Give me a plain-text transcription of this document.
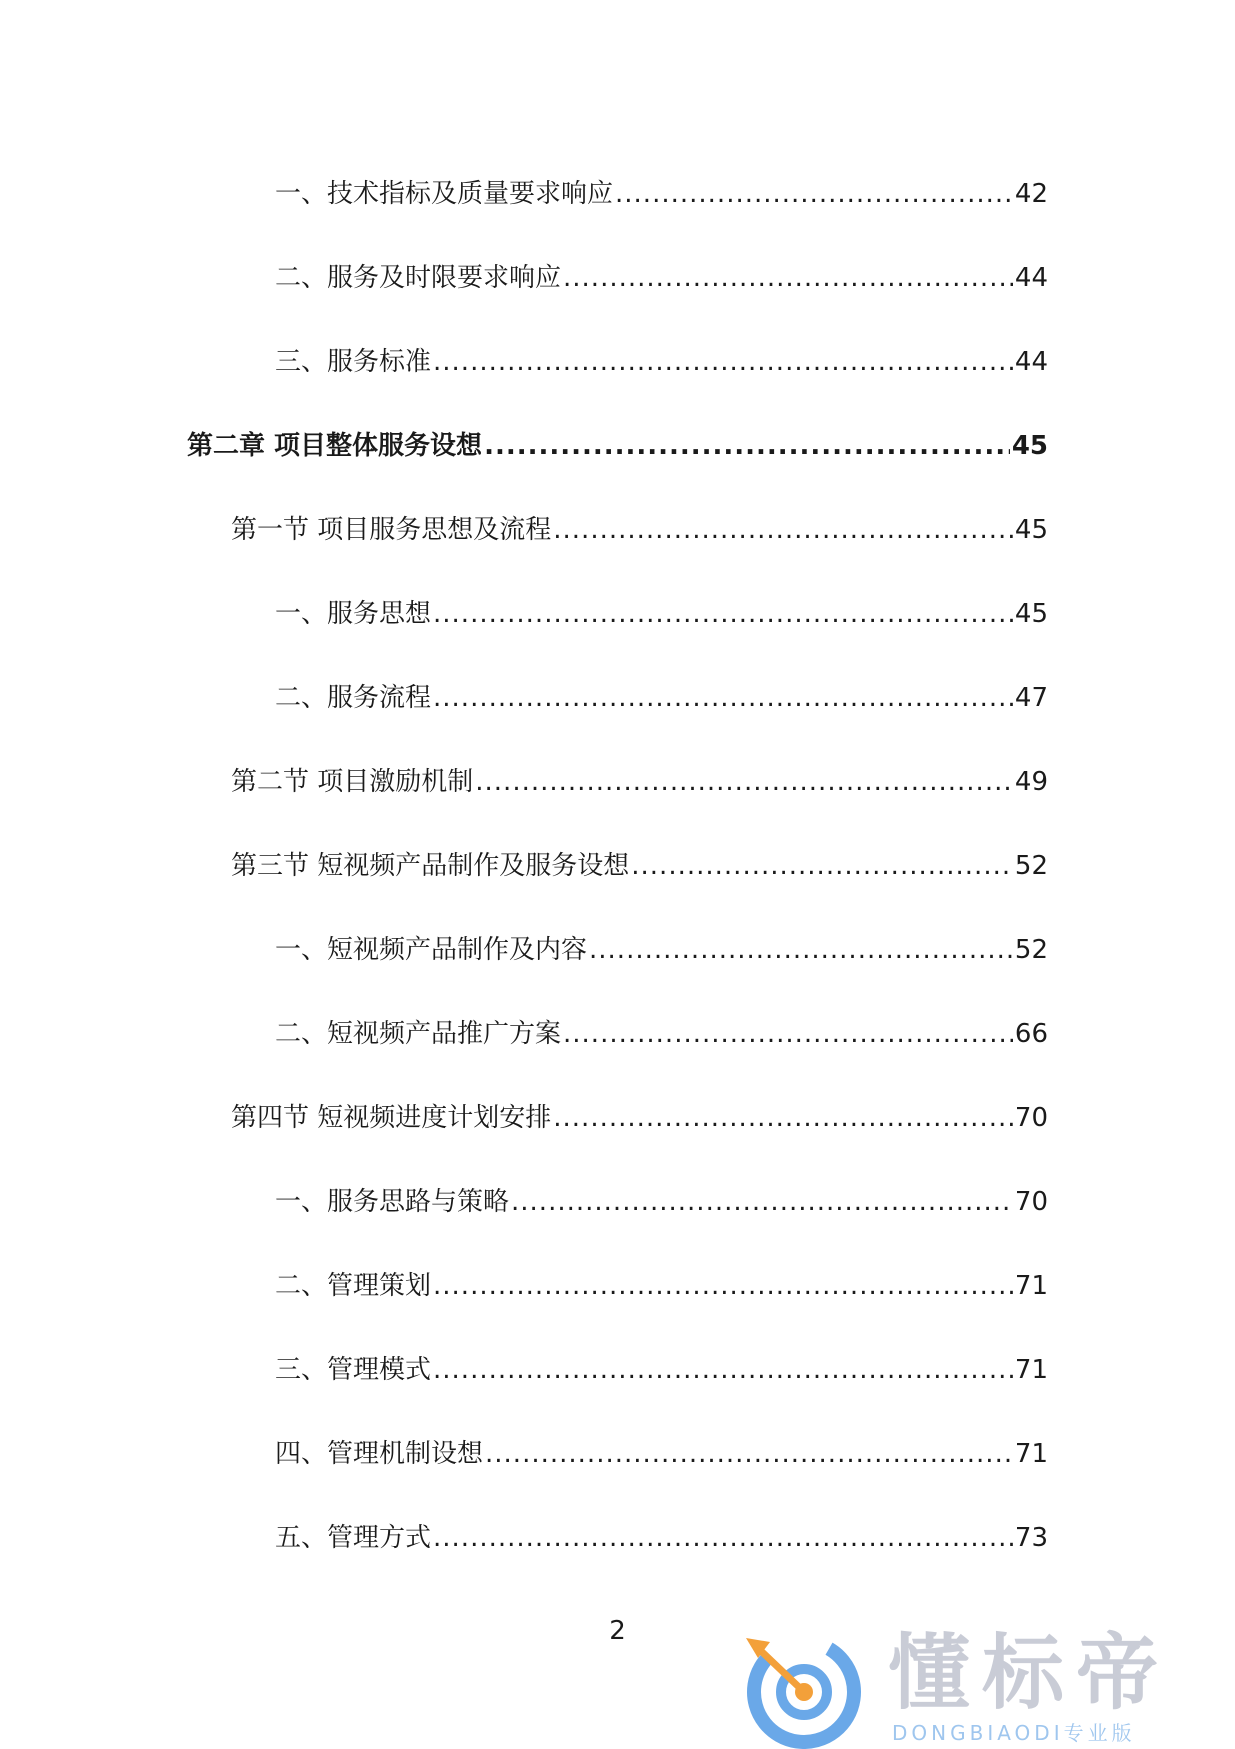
一、技术指标及质量要求响应 .....	42
二、服务及时限要求响应 .....	44
三、服务标准 .....	44
第二章 项目整体服务设想 .....	45
第一节 项目服务思想及流程 .....	45
一、服务思想 .....	45
二、服务流程 .....	47
第二节 项目激励机制 .....	49
第三节 短视频产品制作及服务设想 .....	52
一、短视频产品制作及内容 .....	52
二、短视频产品推广方案 .....	66
第四节 短视频进度计划安排 .....	70
一、服务思路与策略 .....	70
二、管理策划 .....	71
三、管理模式 .....	71
四、管理机制设想 .....	71
五、管理方式 .....	73
2	懂标帝
DONGBIAODI专业版
